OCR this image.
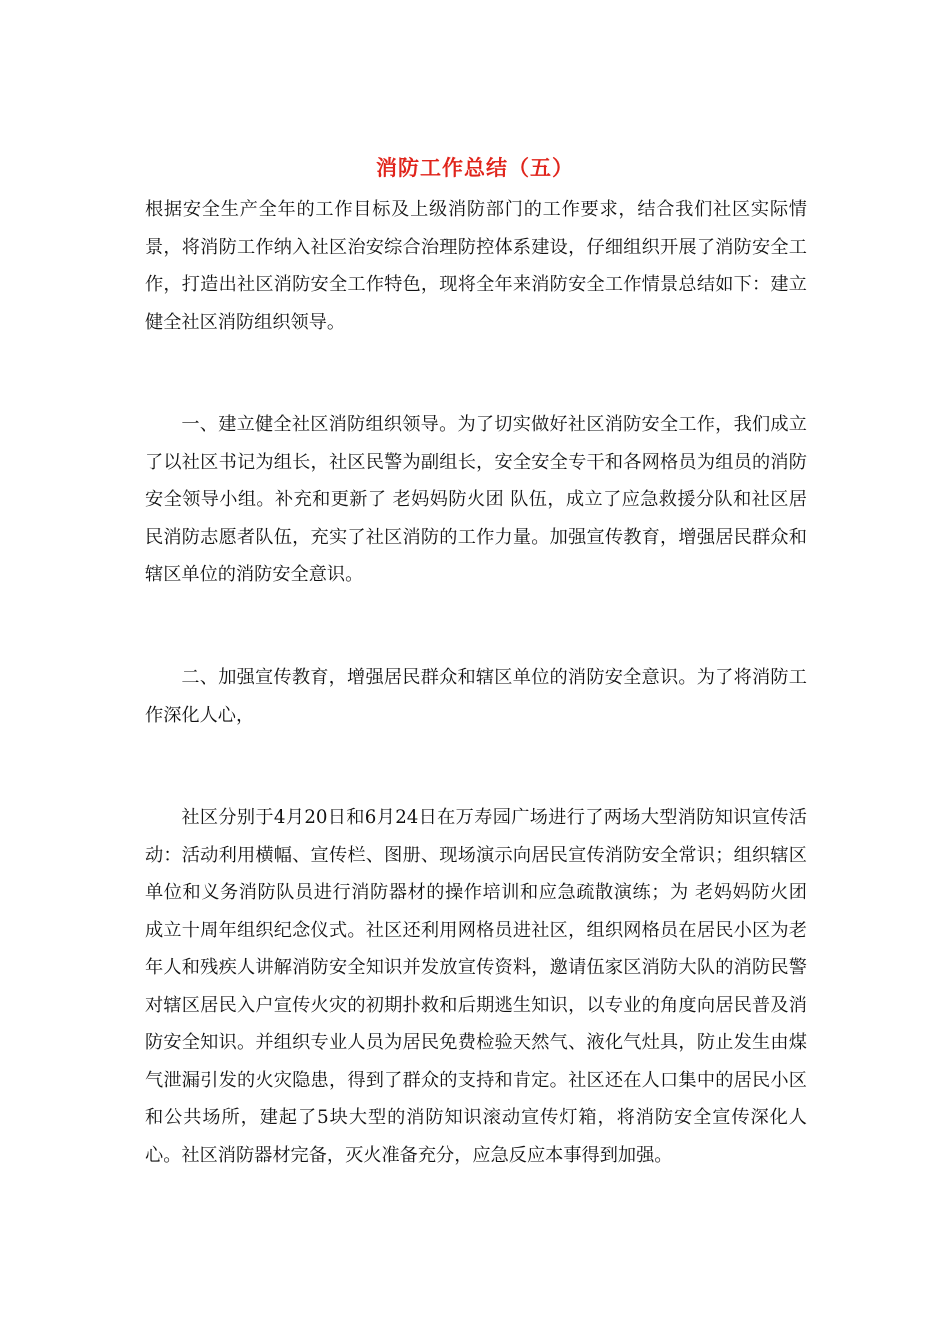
消防工作总结（五）

根据安全生产全年的工作目标及上级消防部门的工作要求，结合我们社区实际情景，将消防工作纳入社区治安综合治理防控体系建设，仔细组织开展了消防安全工作，打造出社区消防安全工作特色，现将全年来消防安全工作情景总结如下：建立健全社区消防组织领导。

一、建立健全社区消防组织领导。为了切实做好社区消防安全工作，我们成立了以社区书记为组长，社区民警为副组长，安全安全专干和各网格员为组员的消防安全领导小组。补充和更新了 老妈妈防火团 队伍，成立了应急救援分队和社区居民消防志愿者队伍，充实了社区消防的工作力量。加强宣传教育，增强居民群众和辖区单位的消防安全意识。

二、加强宣传教育，增强居民群众和辖区单位的消防安全意识。为了将消防工作深化人心，

社区分别于4月20日和6月24日在万寿园广场进行了两场大型消防知识宣传活动：活动利用横幅、宣传栏、图册、现场演示向居民宣传消防安全常识；组织辖区单位和义务消防队员进行消防器材的操作培训和应急疏散演练；为 老妈妈防火团 成立十周年组织纪念仪式。社区还利用网格员进社区，组织网格员在居民小区为老年人和残疾人讲解消防安全知识并发放宣传资料，邀请伍家区消防大队的消防民警对辖区居民入户宣传火灾的初期扑救和后期逃生知识，以专业的角度向居民普及消防安全知识。并组织专业人员为居民免费检验天然气、液化气灶具，防止发生由煤气泄漏引发的火灾隐患，得到了群众的支持和肯定。社区还在人口集中的居民小区和公共场所，建起了5块大型的消防知识滚动宣传灯箱，将消防安全宣传深化人心。社区消防器材完备，灭火准备充分，应急反应本事得到加强。
